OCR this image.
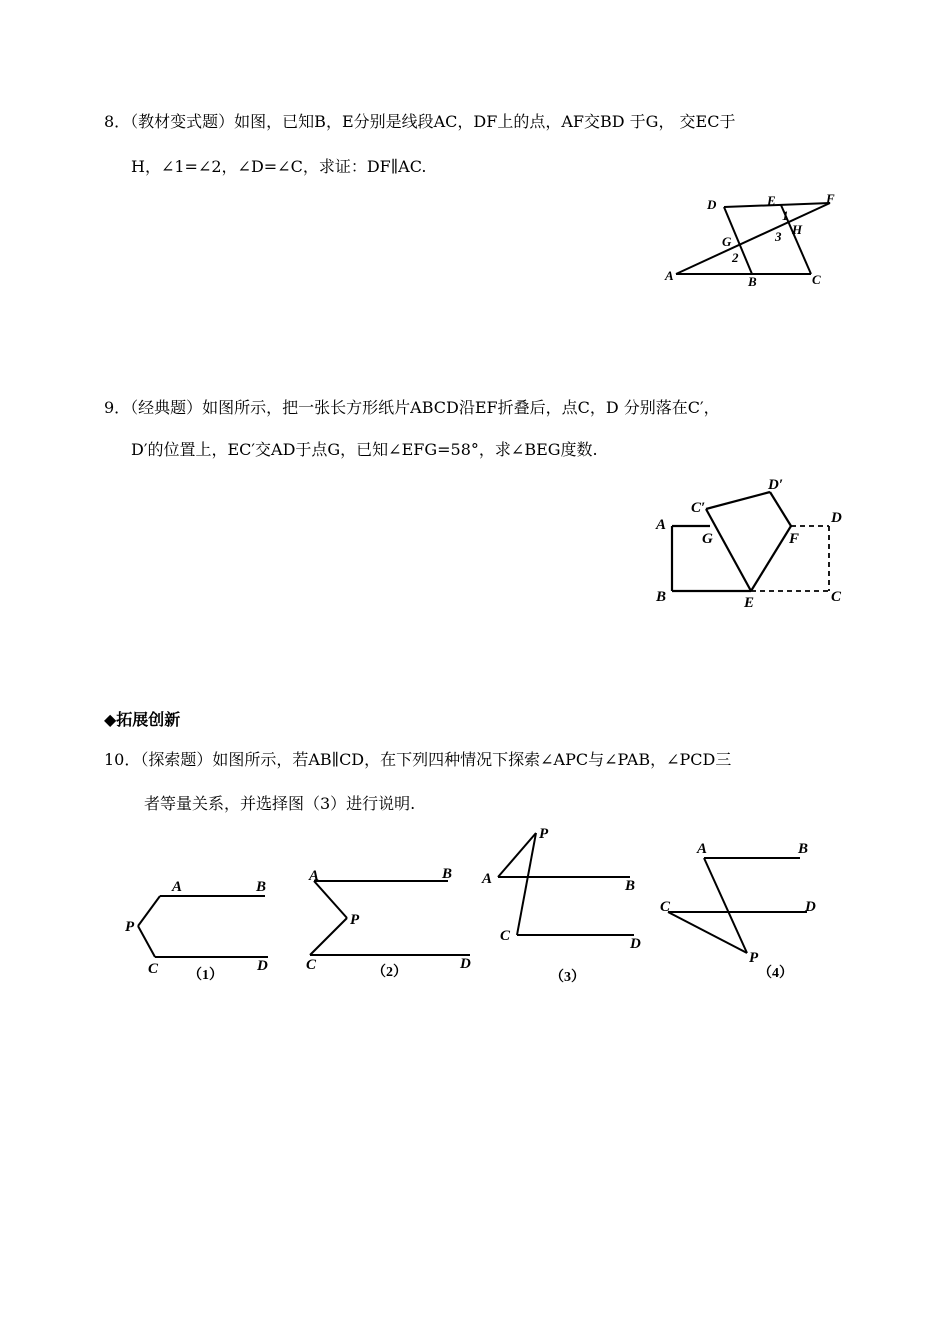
8．（教材变式题）如图，已知B，E分别是线段AC，DF上的点，AF交BD 于G， 交EC于
H，∠1=∠2，∠D=∠C，求证：DF∥AC.
D	E	F
1
H
3
G
2
A	B	C
9．（经典题）如图所示，把一张长方形纸片ABCD沿EF折叠后，点C，D 分别落在C′，
D′的位置上，EC′交AD于点G，已知∠EFG=58°，求∠BEG度数.
D′
C′
A	D
G	F
B	E	C
◆拓展创新
10．（探索题）如图所示，若AB∥CD，在下列四种情况下探索∠APC与∠PAB，∠PCD三
者等量关系，并选择图（3）进行说明.
A	B
P
C	D
A	B
P
C	D
P
A	B
C	D
A	B
C	D
P
（1）	（2）	（3）	（4）
